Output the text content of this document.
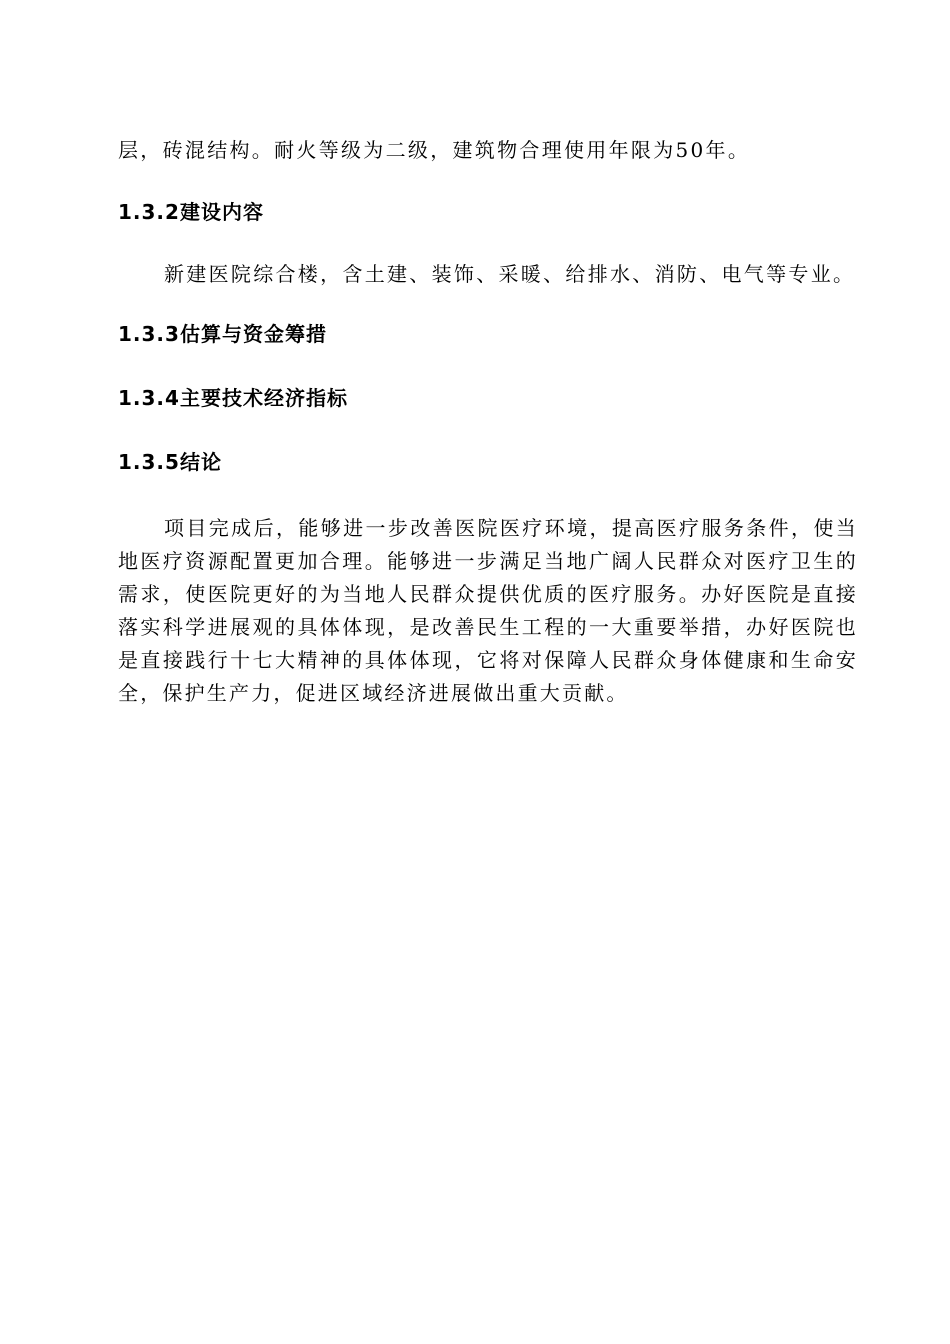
层，砖混结构。耐火等级为二级，建筑物合理使用年限为50年。

1.3.2建设内容

新建医院综合楼，含土建、装饰、采暖、给排水、消防、电气等专业。

1.3.3估算与资金筹措

1.3.4主要技术经济指标

1.3.5结论

项目完成后，能够进一步改善医院医疗环境，提高医疗服务条件，使当地医疗资源配置更加合理。能够进一步满足当地广阔人民群众对医疗卫生的需求，使医院更好的为当地人民群众提供优质的医疗服务。办好医院是直接落实科学进展观的具体体现，是改善民生工程的一大重要举措，办好医院也是直接践行十七大精神的具体体现，它将对保障人民群众身体健康和生命安全，保护生产力，促进区域经济进展做出重大贡献。
